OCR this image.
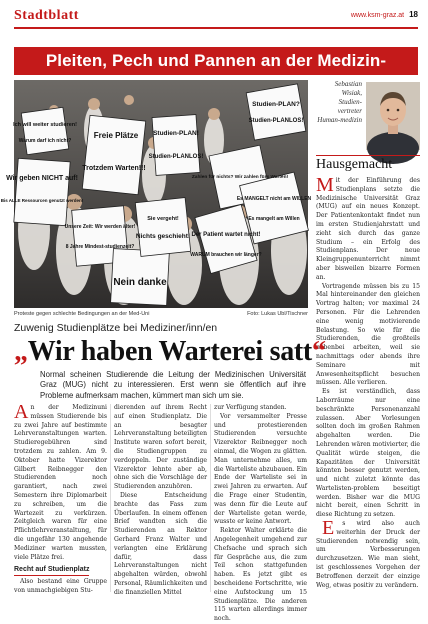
Stadtblatt	www.ksm-graz.at 18
Pleiten, Pech und Pannen an der Medizin-
Ich will weiter studieren!
Warum darf ich nicht?
Freie Plätze
Trotzdem Warten!!!
Studien-PLAN!
Studien-PLANLOS!
Studien-PLAN?
Studien-PLANLOS!
Wir geben NICHT auf!
Bis ALLE Ressourcen genutzt werden!
Unsere Zeit: Wir werden älter!
8 Jahre Mindest-studienzeit?
Nein danke
Sie vergeht!
Nichts geschieht!
Zahlen für nichts? Wir zahlen fürs Warten!
Der Patient wartet nicht!
WARUM brauchen wir länger?
Es MANGELT nicht am WILLEN
Es mangelt am Willen
Proteste gegen schlechte Bedingungen an der Med-Uni	Foto: Lukas Ubl/Tischner
Sebastian Wisiak,
Studien-vertreter Human-medizin
Hausgemacht

Mit der Einführung des Studienplans setzte die Medizinische Universität Graz (MUG) auf ein neues Konzept. Der Patientenkontakt findet nun im ersten Studienjahrstatt und zieht sich durch das ganze Studium – ein Erfolg des Studienplans. Der neue Kleingruppenunterricht nimmt aber bisweilen bizarre Formen an.

Vortragende müssen bis zu 15 Mal hintereinander den gleichen Vortrag halten; vor maximal 24 Personen. Für die Lehrenden eine wenig motivierende Belastung. So wie für die Studierenden, die großteils nebenbei arbeiten, weil sie nachmittags oder abends ihre Seminare mit Anwesenheitspflicht besuchen müssen. Alle verlieren.

Es ist verständlich, dass Laborräume nur eine beschränkte Personenanzahl zulassen. Aber Vorlesungen sollten doch im großen Rahmen abgehalten werden. Die Lehrenden wären motivierter, die Qualität würde steigen, die Kapazitäten der Universität könnten besser genutzt werden, und nicht zuletzt könnte das Wartelisten-problem beseitigt werden. Bisher war die MUG nicht bereit, einen Schritt in diese Richtung zu setzen.

E s wird also auch weiterhin der Druck der Studierenden notwendig sein, um Verbesserungen durchzusetzen. Wie man sieht, ist geschlossenes Vorgehen der Betroffenen derzeit der einzige Weg, etwas positiv zu verändern.

Zuwenig Studienplätze bei Mediziner/inn/en
„Wir haben Warterei satt“
Normal scheinen Studierende die Leitung der Medizinischen Universität Graz (MUG) nicht zu interessieren. Erst wenn sie öffentlich auf ihre Probleme aufmerksam machen, kümmert man sich um sie.

An der Medizinuni müssen Studierende bis zu zwei Jahre auf bestimmte Lehrveranstaltungen warten. Studieregebühren sind trotzdem zu zahlen. Am 9. Oktober hatte Vizerektor Gilbert Reibnegger den Studierenden noch garantiert, nach zwei Semestern ihre Diplomarbeit zu schreiben, um die Wartezeit zu verkürzen. Zeitgleich waren für eine Pflichtlehrveranstaltung, für die ungefähr 130 angehende Mediziner warten mussten, viele Plätze frei.

Recht auf Studienplatz

Also bestand eine Gruppe von unmachgiebigen Stu-

dierenden auf ihrem Recht auf einen Studienplatz. Die an besagter Lehrveranstaltung beteiligten Institute waren sofort bereit, die Studiengruppen zu verdoppeln. Der zuständige Vizerektor lehnte aber ab, ohne sich die Vorschläge der Studierenden anzuhören.

Diese Entscheidung brachte das Fass zum Überlaufen. In einem offenen Brief wandten sich die Studierenden an Rektor Gerhard Franz Walter und verlangten eine Erklärung dafür, dass Lehrveranstaltungen nicht abgehalten würden, obwohl Personal, Räumlichkeiten und die finanziellen Mittel

zur Verfügung standen.

Vor versammelter Presse und protestierenden Studierenden versuchte Vizerektor Reibnegger noch einmal, die Wogen zu glätten. Man unternehme alles, um die Warteliste abzubauen. Ein Ende der Warteliste sei in zwei Jahren zu erwarten. Auf die Frage einer Studentin, was denn für die Leute auf der Warteliste getan werde, wusste er keine Antwort.

Rektor Walter erklärte die Angelegenheit umgehend zur Chefsache und sprach sich für Gespräche aus, die zum Teil schon stattgefunden haben. Es jetzt gibt es bescheidene Fortschritte, wie eine Aufstockung um 15 Studienplätze. Die anderen 115 warten allerdings immer noch.
